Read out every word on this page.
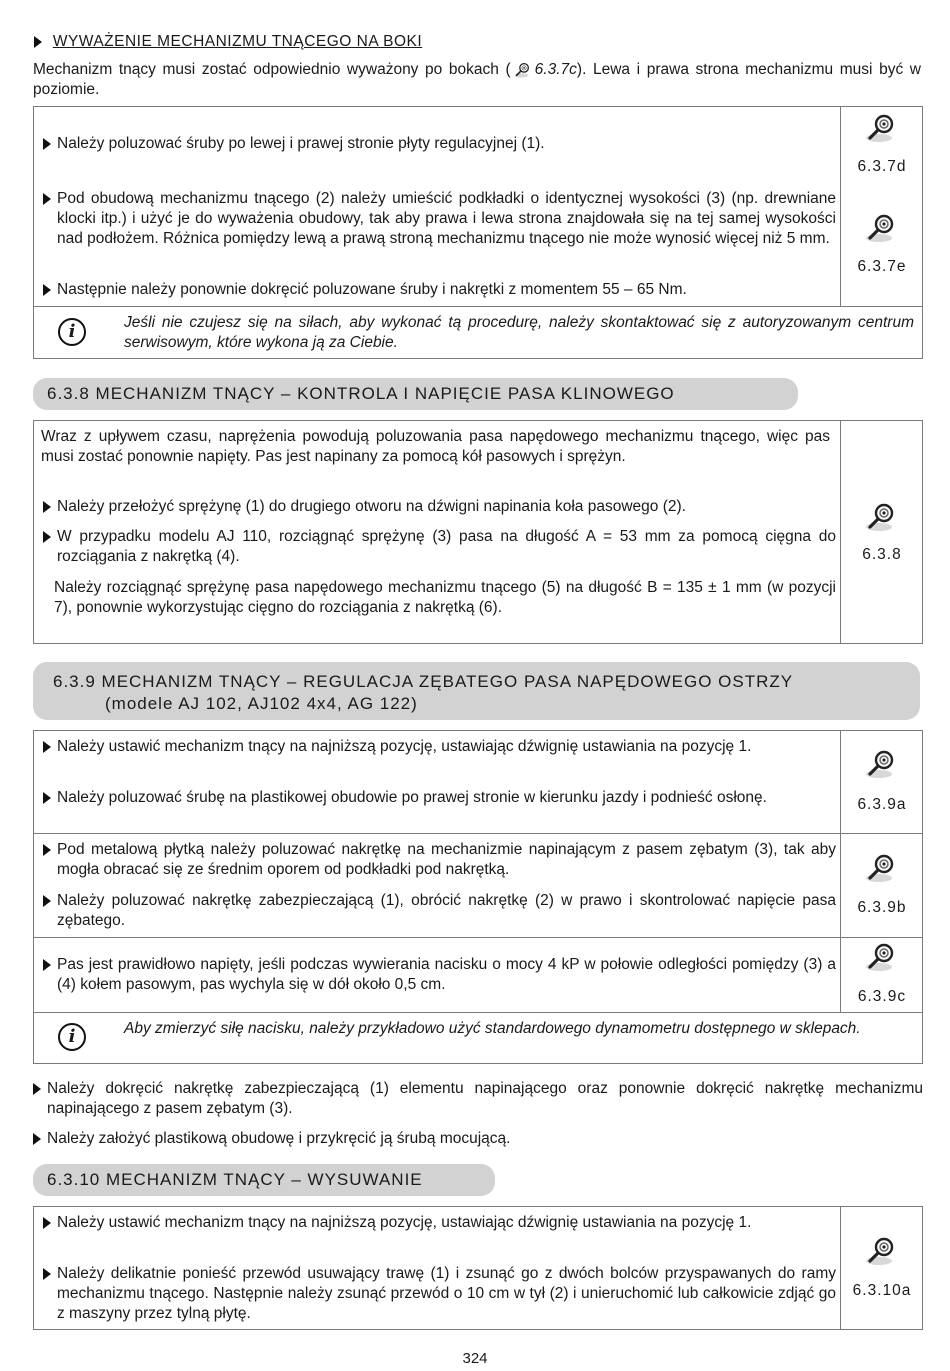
WYWAŻENIE MECHANIZMU TNĄCEGO NA BOKI
Mechanizm tnący musi zostać odpowiednio wyważony po bokach ( 6.3.7c). Lewa i prawa strona mechanizmu musi być w poziomie.
Należy poluzować śruby po lewej i prawej stronie płyty regulacyjnej (1).
6.3.7d
Pod obudową mechanizmu tnącego (2) należy umieścić podkładki o identycznej wysokości (3) (np. drewniane klocki itp.) i użyć je do wyważenia obudowy, tak aby prawa i lewa strona znajdowała się na tej samej wysokości nad podłożem. Różnica pomiędzy lewą a prawą stroną mechanizmu tnącego nie może wynosić więcej niż 5 mm.
Następnie należy ponownie dokręcić poluzowane śruby i nakrętki z momentem 55 – 65 Nm.
6.3.7e
i	Jeśli nie czujesz się na siłach, aby wykonać tą procedurę, należy skontaktować się z autoryzowanym centrum serwisowym, które wykona ją za Ciebie.
6.3.8 MECHANIZM TNĄCY – KONTROLA I NAPIĘCIE PASA KLINOWEGO
Wraz z upływem czasu, naprężenia powodują poluzowania pasa napędowego mechanizmu tnącego, więc pas musi zostać ponownie napięty. Pas jest napinany za pomocą kół pasowych i sprężyn.
Należy przełożyć sprężynę (1) do drugiego otworu na dźwigni napinania koła pasowego (2).
W przypadku modelu AJ 110, rozciągnąć sprężynę (3) pasa na długość A = 53 mm za pomocą cięgna do rozciągania z nakrętką (4).
Należy rozciągnąć sprężynę pasa napędowego mechanizmu tnącego (5) na długość B = 135 ± 1 mm (w pozycji 7), ponownie wykorzystując cięgno do rozciągania z nakrętką (6).
6.3.8
6.3.9 MECHANIZM TNĄCY – REGULACJA ZĘBATEGO PASA NAPĘDOWEGO OSTRZY
(modele AJ 102, AJ102 4x4, AG 122)
Należy ustawić mechanizm tnący na najniższą pozycję, ustawiając dźwignię ustawiania na pozycję 1.
Należy poluzować śrubę na plastikowej obudowie po prawej stronie w kierunku jazdy i podnieść osłonę.	6.3.9a
Pod metalową płytką należy poluzować nakrętkę na mechanizmie napinającym z pasem zębatym (3), tak aby mogła obracać się ze średnim oporem od podkładki pod nakrętką.
Należy poluzować nakrętkę zabezpieczającą (1), obrócić nakrętkę (2) w prawo i skontrolować napięcie pasa zębatego.
6.3.9b
Pas jest prawidłowo napięty, jeśli podczas wywierania nacisku o mocy 4 kP w połowie odległości pomiędzy (3) a (4) kołem pasowym, pas wychyla się w dół około 0,5 cm.
6.3.9c
i	Aby zmierzyć siłę nacisku, należy przykładowo użyć standardowego dynamometru dostępnego w sklepach.
Należy dokręcić nakrętkę zabezpieczającą (1) elementu napinającego oraz ponownie dokręcić nakrętkę mechanizmu napinającego z pasem zębatym (3).
Należy założyć plastikową obudowę i przykręcić ją śrubą mocującą.
6.3.10 MECHANIZM TNĄCY – WYSUWANIE
Należy ustawić mechanizm tnący na najniższą pozycję, ustawiając dźwignię ustawiania na pozycję 1.
Należy delikatnie ponieść przewód usuwający trawę (1) i zsunąć go z dwóch bolców przyspawanych do ramy mechanizmu tnącego. Następnie należy zsunąć przewód o 10 cm w tył (2) i unieruchomić lub całkowicie zdjąć go z maszyny przez tylną płytę.
6.3.10a
324
